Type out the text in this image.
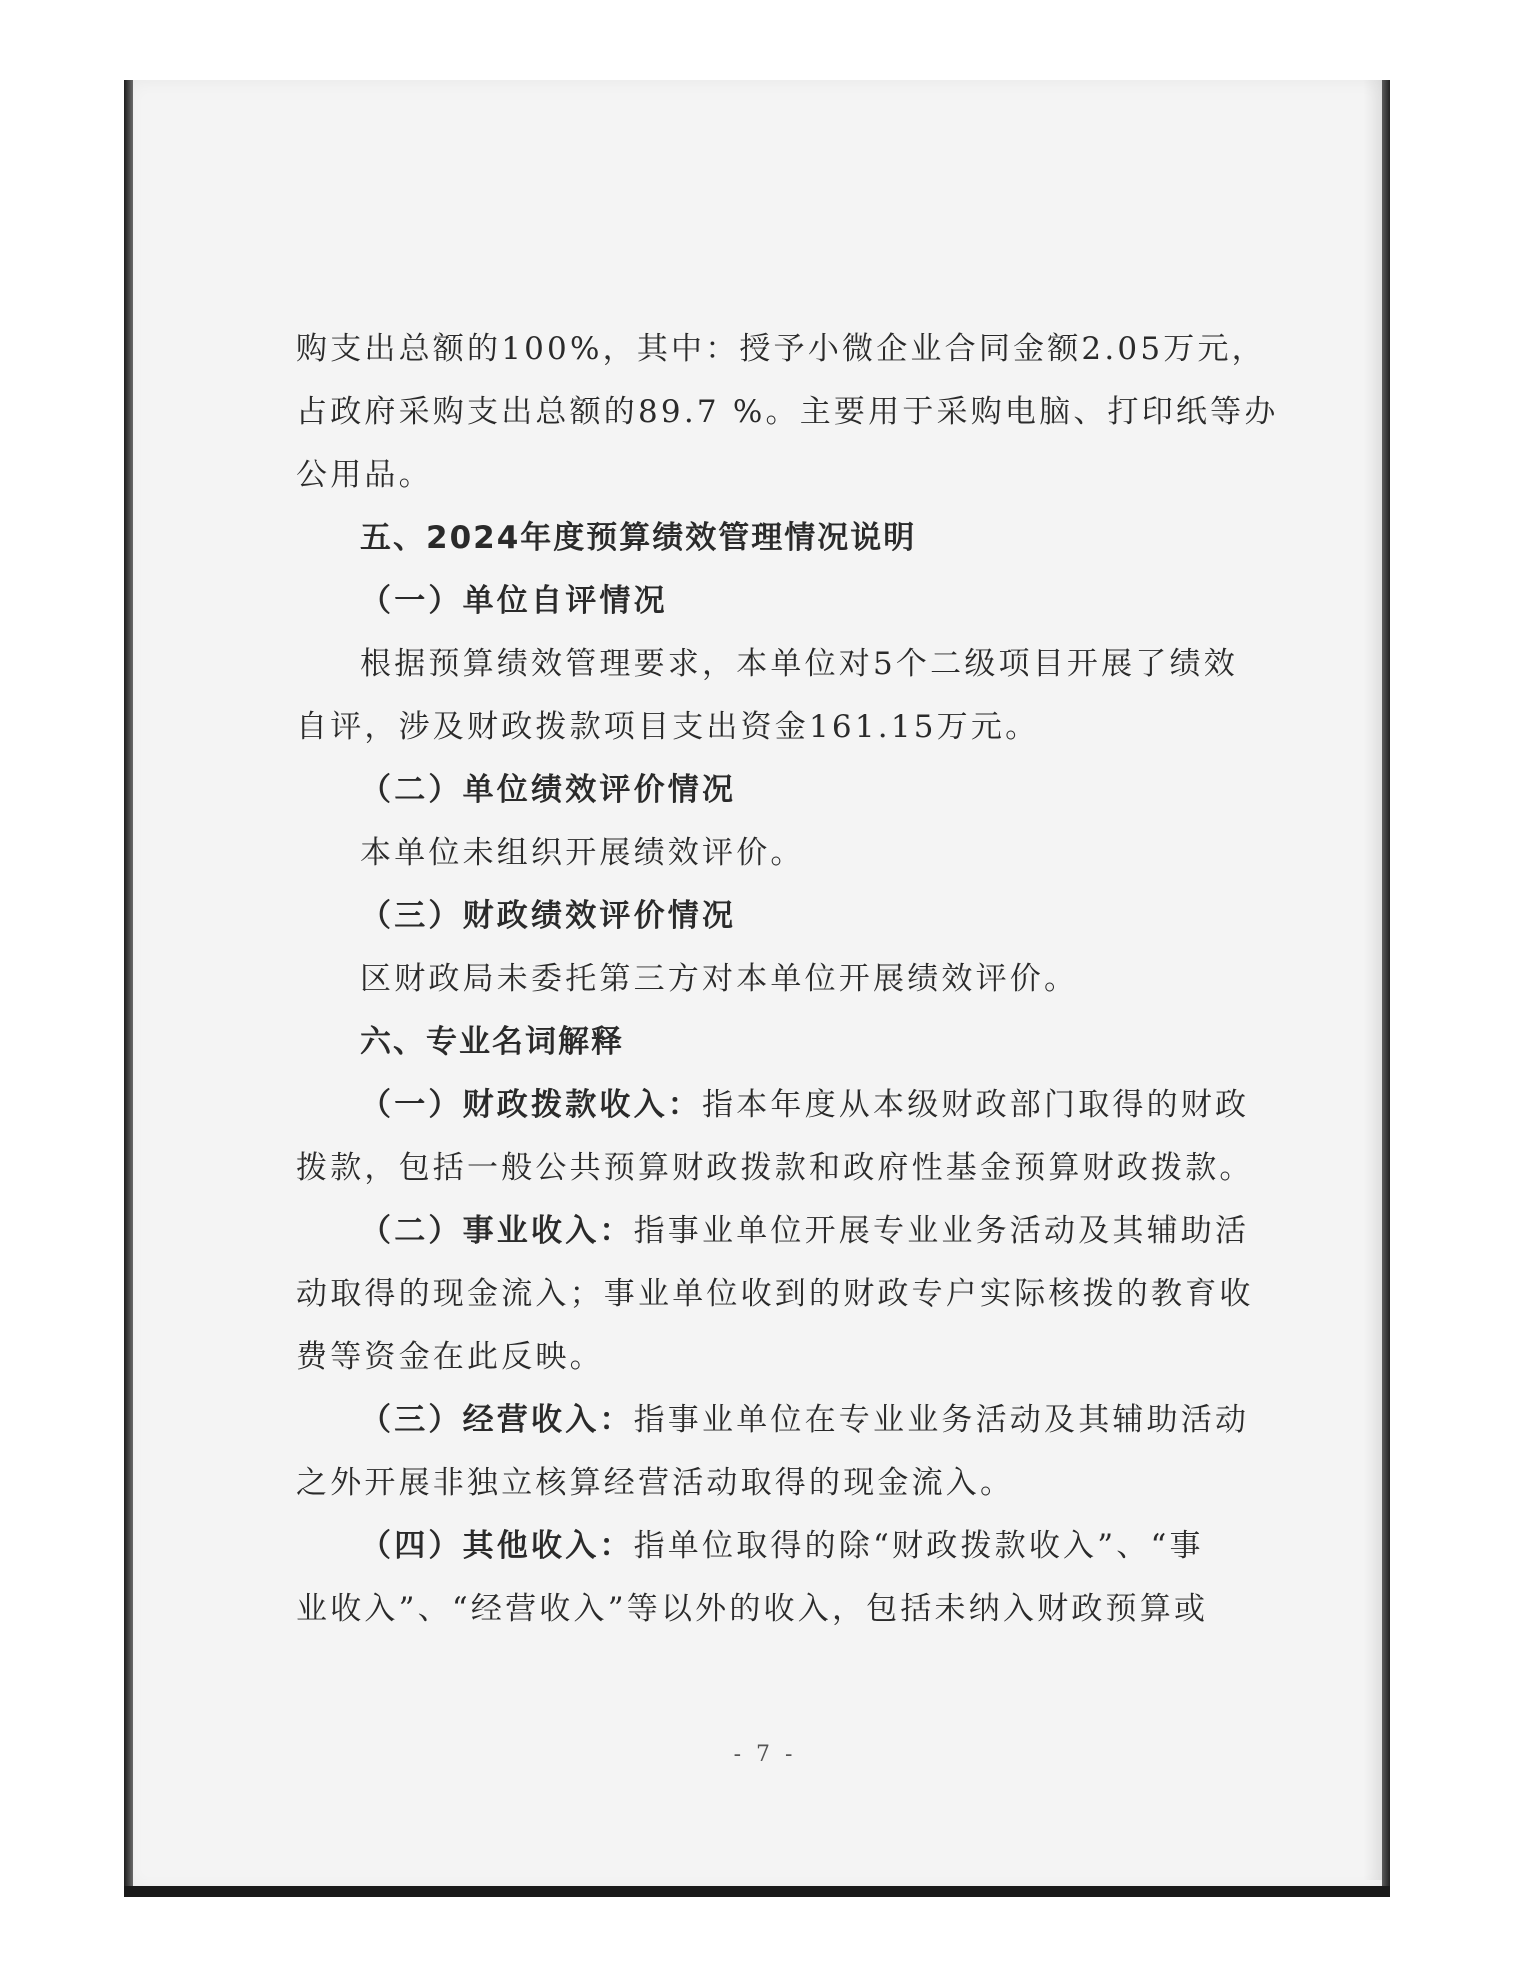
购支出总额的100%，其中：授予小微企业合同金额2.05万元，

占政府采购支出总额的89.7 %。主要用于采购电脑、打印纸等办

公用品。

五、2024年度预算绩效管理情况说明

（一）单位自评情况

根据预算绩效管理要求，本单位对5个二级项目开展了绩效

自评，涉及财政拨款项目支出资金161.15万元。

（二）单位绩效评价情况

本单位未组织开展绩效评价。

（三）财政绩效评价情况

区财政局未委托第三方对本单位开展绩效评价。

六、专业名词解释

（一）财政拨款收入：指本年度从本级财政部门取得的财政

拨款，包括一般公共预算财政拨款和政府性基金预算财政拨款。

（二）事业收入：指事业单位开展专业业务活动及其辅助活

动取得的现金流入；事业单位收到的财政专户实际核拨的教育收

费等资金在此反映。

（三）经营收入：指事业单位在专业业务活动及其辅助活动

之外开展非独立核算经营活动取得的现金流入。

（四）其他收入：指单位取得的除“财政拨款收入”、“事

业收入”、“经营收入”等以外的收入，包括未纳入财政预算或

- 7 -
